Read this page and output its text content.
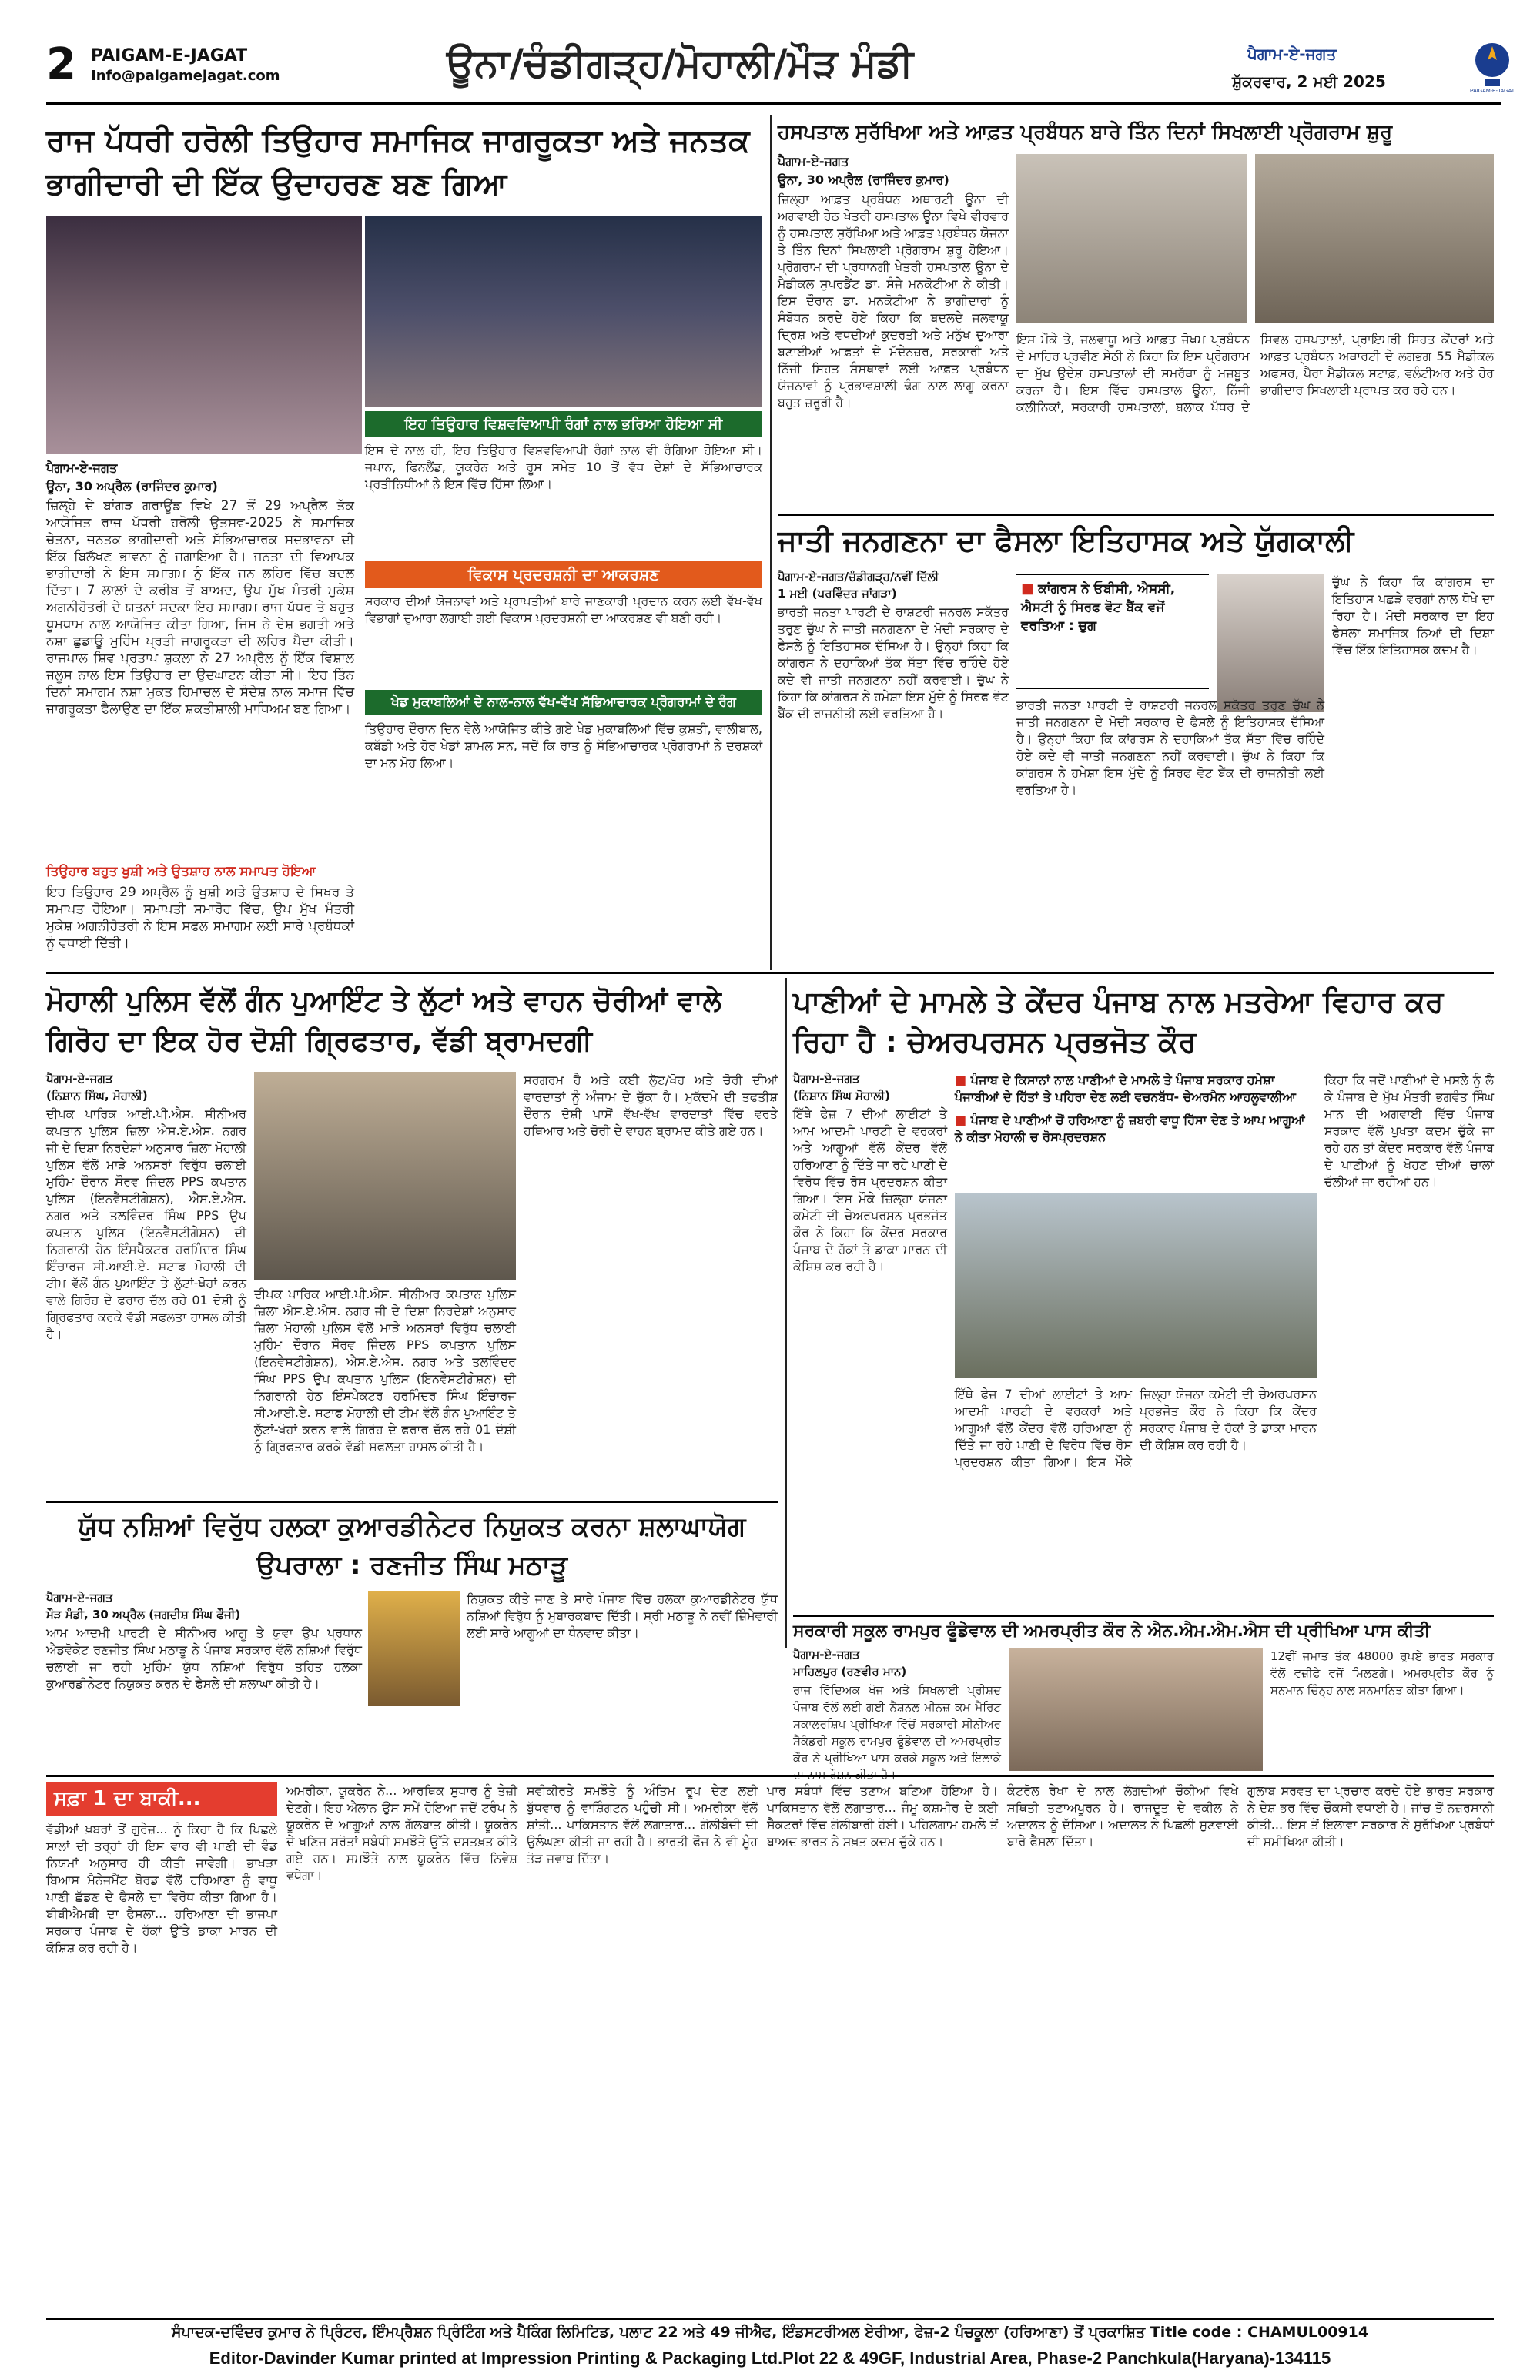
2 PAIGAM-E-JAGAT
Info@paigamejagat.com	ਊਨਾ/ਚੰਡੀਗੜ੍ਹ/ਮੋਹਾਲੀ/ਮੌੜ ਮੰਡੀ	ਸ਼ੁੱਕਰਵਾਰ, 2 ਮਈ 2025
ਪੈਗਾਮ-ਏ-ਜਗਤ
PAIGAM-E-JAGAT
ਰਾਜ ਪੱਧਰੀ ਹਰੋਲੀ ਤਿਉਹਾਰ ਸਮਾਜਿਕ ਜਾਗਰੂਕਤਾ ਅਤੇ ਜਨਤਕ ਭਾਗੀਦਾਰੀ ਦੀ ਇੱਕ ਉਦਾਹਰਣ ਬਣ ਗਿਆ
ਪੈਗਾਮ-ਏ-ਜਗਤ
ਊਨਾ, 30 ਅਪ੍ਰੈਲ (ਰਾਜਿੰਦਰ ਕੁਮਾਰ)
ਜ਼ਿਲ੍ਹੇ ਦੇ ਬਾਂਗੜ ਗਰਾਊਂਡ ਵਿਖੇ 27 ਤੋਂ 29 ਅਪ੍ਰੈਲ ਤੱਕ ਆਯੋਜਿਤ ਰਾਜ ਪੱਧਰੀ ਹਰੋਲੀ ਉਤਸਵ-2025 ਨੇ ਸਮਾਜਿਕ ਚੇਤਨਾ, ਜਨਤਕ ਭਾਗੀਦਾਰੀ ਅਤੇ ਸੱਭਿਆਚਾਰਕ ਸਦਭਾਵਨਾ ਦੀ ਇੱਕ ਬਿਲੱਖਣ ਭਾਵਨਾ ਨੂੰ ਜਗਾਇਆ ਹੈ। ਜਨਤਾ ਦੀ ਵਿਆਪਕ ਭਾਗੀਦਾਰੀ ਨੇ ਇਸ ਸਮਾਗਮ ਨੂੰ ਇੱਕ ਜਨ ਲਹਿਰ ਵਿੱਚ ਬਦਲ ਦਿੱਤਾ। 7 ਲਾਲਾਂ ਦੇ ਕਰੀਬ ਤੋਂ ਬਾਅਦ, ਉਪ ਮੁੱਖ ਮੰਤਰੀ ਮੁਕੇਸ਼ ਅਗਨੀਹੋਤਰੀ ਦੇ ਯਤਨਾਂ ਸਦਕਾ ਇਹ ਸਮਾਗਮ ਰਾਜ ਪੱਧਰ ਤੇ ਬਹੁਤ ਧੂਮਧਾਮ ਨਾਲ ਆਯੋਜਿਤ ਕੀਤਾ ਗਿਆ, ਜਿਸ ਨੇ ਦੇਸ਼ ਭਗਤੀ ਅਤੇ ਨਸ਼ਾ ਛੁਡਾਊ ਮੁਹਿੰਮ ਪ੍ਰਤੀ ਜਾਗਰੂਕਤਾ ਦੀ ਲਹਿਰ ਪੈਦਾ ਕੀਤੀ। ਰਾਜਪਾਲ ਸ਼ਿਵ ਪ੍ਰਤਾਪ ਸ਼ੁਕਲਾ ਨੇ 27 ਅਪ੍ਰੈਲ ਨੂੰ ਇੱਕ ਵਿਸ਼ਾਲ ਜਲੂਸ ਨਾਲ ਇਸ ਤਿਉਹਾਰ ਦਾ ਉਦਘਾਟਨ ਕੀਤਾ ਸੀ। ਇਹ ਤਿੰਨ ਦਿਨਾਂ ਸਮਾਗਮ ਨਸ਼ਾ ਮੁਕਤ ਹਿਮਾਚਲ ਦੇ ਸੰਦੇਸ਼ ਨਾਲ ਸਮਾਜ ਵਿੱਚ ਜਾਗਰੂਕਤਾ ਫੈਲਾਉਣ ਦਾ ਇੱਕ ਸ਼ਕਤੀਸ਼ਾਲੀ ਮਾਧਿਅਮ ਬਣ ਗਿਆ।
ਤਿਉਹਾਰ ਬਹੁਤ ਖੁਸ਼ੀ ਅਤੇ ਉਤਸ਼ਾਹ ਨਾਲ ਸਮਾਪਤ ਹੋਇਆ
ਇਹ ਤਿਉਹਾਰ 29 ਅਪ੍ਰੈਲ ਨੂੰ ਖੁਸ਼ੀ ਅਤੇ ਉਤਸ਼ਾਹ ਦੇ ਸਿਖਰ ਤੇ ਸਮਾਪਤ ਹੋਇਆ। ਸਮਾਪਤੀ ਸਮਾਰੋਹ ਵਿੱਚ, ਉਪ ਮੁੱਖ ਮੰਤਰੀ ਮੁਕੇਸ਼ ਅਗਨੀਹੋਤਰੀ ਨੇ ਇਸ ਸਫਲ ਸਮਾਗਮ ਲਈ ਸਾਰੇ ਪ੍ਰਬੰਧਕਾਂ ਨੂੰ ਵਧਾਈ ਦਿੱਤੀ।
ਇਹ ਤਿਉਹਾਰ ਵਿਸ਼ਵਵਿਆਪੀ ਰੰਗਾਂ ਨਾਲ ਭਰਿਆ ਹੋਇਆ ਸੀ
ਇਸ ਦੇ ਨਾਲ ਹੀ, ਇਹ ਤਿਉਹਾਰ ਵਿਸ਼ਵਵਿਆਪੀ ਰੰਗਾਂ ਨਾਲ ਵੀ ਰੰਗਿਆ ਹੋਇਆ ਸੀ। ਜਪਾਨ, ਫਿਨਲੈਂਡ, ਯੂਕਰੇਨ ਅਤੇ ਰੂਸ ਸਮੇਤ 10 ਤੋਂ ਵੱਧ ਦੇਸ਼ਾਂ ਦੇ ਸੱਭਿਆਚਾਰਕ ਪ੍ਰਤੀਨਿਧੀਆਂ ਨੇ ਇਸ ਵਿੱਚ ਹਿੱਸਾ ਲਿਆ।
ਵਿਕਾਸ ਪ੍ਰਦਰਸ਼ਨੀ ਦਾ ਆਕਰਸ਼ਣ
ਸਰਕਾਰ ਦੀਆਂ ਯੋਜਨਾਵਾਂ ਅਤੇ ਪ੍ਰਾਪਤੀਆਂ ਬਾਰੇ ਜਾਣਕਾਰੀ ਪ੍ਰਦਾਨ ਕਰਨ ਲਈ ਵੱਖ-ਵੱਖ ਵਿਭਾਗਾਂ ਦੁਆਰਾ ਲਗਾਈ ਗਈ ਵਿਕਾਸ ਪ੍ਰਦਰਸ਼ਨੀ ਦਾ ਆਕਰਸ਼ਣ ਵੀ ਬਣੀ ਰਹੀ।
ਖੇਡ ਮੁਕਾਬਲਿਆਂ ਦੇ ਨਾਲ-ਨਾਲ ਵੱਖ-ਵੱਖ ਸੱਭਿਆਚਾਰਕ ਪ੍ਰੋਗਰਾਮਾਂ ਦੇ ਰੰਗ
ਤਿਉਹਾਰ ਦੌਰਾਨ ਦਿਨ ਵੇਲੇ ਆਯੋਜਿਤ ਕੀਤੇ ਗਏ ਖੇਡ ਮੁਕਾਬਲਿਆਂ ਵਿੱਚ ਕੁਸ਼ਤੀ, ਵਾਲੀਬਾਲ, ਕਬੱਡੀ ਅਤੇ ਹੋਰ ਖੇਡਾਂ ਸ਼ਾਮਲ ਸਨ, ਜਦੋਂ ਕਿ ਰਾਤ ਨੂੰ ਸੱਭਿਆਚਾਰਕ ਪ੍ਰੋਗਰਾਮਾਂ ਨੇ ਦਰਸ਼ਕਾਂ ਦਾ ਮਨ ਮੋਹ ਲਿਆ।
ਹਸਪਤਾਲ ਸੁਰੱਖਿਆ ਅਤੇ ਆਫ਼ਤ ਪ੍ਰਬੰਧਨ ਬਾਰੇ ਤਿੰਨ ਦਿਨਾਂ ਸਿਖਲਾਈ ਪ੍ਰੋਗਰਾਮ ਸ਼ੁਰੂ
ਪੈਗਾਮ-ਏ-ਜਗਤ
ਊਨਾ, 30 ਅਪ੍ਰੈਲ (ਰਾਜਿੰਦਰ ਕੁਮਾਰ)
ਜ਼ਿਲ੍ਹਾ ਆਫ਼ਤ ਪ੍ਰਬੰਧਨ ਅਥਾਰਟੀ ਊਨਾ ਦੀ ਅਗਵਾਈ ਹੇਠ ਖੇਤਰੀ ਹਸਪਤਾਲ ਊਨਾ ਵਿਖੇ ਵੀਰਵਾਰ ਨੂੰ ਹਸਪਤਾਲ ਸੁਰੱਖਿਆ ਅਤੇ ਆਫ਼ਤ ਪ੍ਰਬੰਧਨ ਯੋਜਨਾ ਤੇ ਤਿੰਨ ਦਿਨਾਂ ਸਿਖਲਾਈ ਪ੍ਰੋਗਰਾਮ ਸ਼ੁਰੂ ਹੋਇਆ। ਪ੍ਰੋਗਰਾਮ ਦੀ ਪ੍ਰਧਾਨਗੀ ਖੇਤਰੀ ਹਸਪਤਾਲ ਊਨਾ ਦੇ ਮੈਡੀਕਲ ਸੁਪਰਡੈਂਟ ਡਾ. ਸੰਜੇ ਮਨਕੋਟੀਆ ਨੇ ਕੀਤੀ। ਇਸ ਦੌਰਾਨ ਡਾ. ਮਨਕੋਟੀਆ ਨੇ ਭਾਗੀਦਾਰਾਂ ਨੂੰ ਸੰਬੋਧਨ ਕਰਦੇ ਹੋਏ ਕਿਹਾ ਕਿ ਬਦਲਦੇ ਜਲਵਾਯੂ ਦ੍ਰਿਸ਼ ਅਤੇ ਵਧਦੀਆਂ ਕੁਦਰਤੀ ਅਤੇ ਮਨੁੱਖ ਦੁਆਰਾ ਬਣਾਈਆਂ ਆਫ਼ਤਾਂ ਦੇ ਮੱਦੇਨਜ਼ਰ, ਸਰਕਾਰੀ ਅਤੇ ਨਿੱਜੀ ਸਿਹਤ ਸੰਸਥਾਵਾਂ ਲਈ ਆਫ਼ਤ ਪ੍ਰਬੰਧਨ ਯੋਜਨਾਵਾਂ ਨੂੰ ਪ੍ਰਭਾਵਸ਼ਾਲੀ ਢੰਗ ਨਾਲ ਲਾਗੂ ਕਰਨਾ ਬਹੁਤ ਜ਼ਰੂਰੀ ਹੈ।
ਇਸ ਮੌਕੇ ਤੇ, ਜਲਵਾਯੂ ਅਤੇ ਆਫ਼ਤ ਜੋਖਮ ਪ੍ਰਬੰਧਨ ਦੇ ਮਾਹਿਰ ਪ੍ਰਵੀਣ ਸੇਠੀ ਨੇ ਕਿਹਾ ਕਿ ਇਸ ਪ੍ਰੋਗਰਾਮ ਦਾ ਮੁੱਖ ਉਦੇਸ਼ ਹਸਪਤਾਲਾਂ ਦੀ ਸਮਰੱਥਾ ਨੂੰ ਮਜ਼ਬੂਤ ਕਰਨਾ ਹੈ। ਇਸ ਵਿੱਚ ਹਸਪਤਾਲ ਊਨਾ, ਨਿੱਜੀ ਕਲੀਨਿਕਾਂ, ਸਰਕਾਰੀ ਹਸਪਤਾਲਾਂ, ਬਲਾਕ ਪੱਧਰ ਦੇ ਸਿਵਲ ਹਸਪਤਾਲਾਂ, ਪ੍ਰਾਇਮਰੀ ਸਿਹਤ ਕੇਂਦਰਾਂ ਅਤੇ ਆਫ਼ਤ ਪ੍ਰਬੰਧਨ ਅਥਾਰਟੀ ਦੇ ਲਗਭਗ 55 ਮੈਡੀਕਲ ਅਫਸਰ, ਪੈਰਾ ਮੈਡੀਕਲ ਸਟਾਫ਼, ਵਲੰਟੀਅਰ ਅਤੇ ਹੋਰ ਭਾਗੀਦਾਰ ਸਿਖਲਾਈ ਪ੍ਰਾਪਤ ਕਰ ਰਹੇ ਹਨ।
ਜਾਤੀ ਜਨਗਣਨਾ ਦਾ ਫੈਸਲਾ ਇਤਿਹਾਸਕ ਅਤੇ ਯੁੱਗਕਾਲੀ
ਪੈਗਾਮ-ਏ-ਜਗਤ/ਚੰਡੀਗੜ੍ਹ/ਨਵੀਂ ਦਿੱਲੀ
1 ਮਈ (ਪਰਵਿੰਦਰ ਜਾਂਗੜਾ)
ਭਾਰਤੀ ਜਨਤਾ ਪਾਰਟੀ ਦੇ ਰਾਸ਼ਟਰੀ ਜਨਰਲ ਸਕੱਤਰ ਤਰੁਣ ਚੁੱਘ ਨੇ ਜਾਤੀ ਜਨਗਣਨਾ ਦੇ ਮੋਦੀ ਸਰਕਾਰ ਦੇ ਫੈਸਲੇ ਨੂੰ ਇਤਿਹਾਸਕ ਦੱਸਿਆ ਹੈ। ਉਨ੍ਹਾਂ ਕਿਹਾ ਕਿ ਕਾਂਗਰਸ ਨੇ ਦਹਾਕਿਆਂ ਤੱਕ ਸੱਤਾ ਵਿੱਚ ਰਹਿੰਦੇ ਹੋਏ ਕਦੇ ਵੀ ਜਾਤੀ ਜਨਗਣਨਾ ਨਹੀਂ ਕਰਵਾਈ। ਚੁੱਘ ਨੇ ਕਿਹਾ ਕਿ ਕਾਂਗਰਸ ਨੇ ਹਮੇਸ਼ਾ ਇਸ ਮੁੱਦੇ ਨੂੰ ਸਿਰਫ ਵੋਟ ਬੈਂਕ ਦੀ ਰਾਜਨੀਤੀ ਲਈ ਵਰਤਿਆ ਹੈ।
■ ਕਾਂਗਰਸ ਨੇ ਓਬੀਸੀ, ਐਸਸੀ, ਐਸਟੀ ਨੂੰ ਸਿਰਫ ਵੋਟ ਬੈਂਕ ਵਜੋਂ ਵਰਤਿਆ : ਚੁਗ
ਚੁੱਘ ਨੇ ਕਿਹਾ ਕਿ ਕਾਂਗਰਸ ਦਾ ਇਤਿਹਾਸ ਪਛੜੇ ਵਰਗਾਂ ਨਾਲ ਧੋਖੇ ਦਾ ਰਿਹਾ ਹੈ। ਮੋਦੀ ਸਰਕਾਰ ਦਾ ਇਹ ਫੈਸਲਾ ਸਮਾਜਿਕ ਨਿਆਂ ਦੀ ਦਿਸ਼ਾ ਵਿੱਚ ਇੱਕ ਇਤਿਹਾਸਕ ਕਦਮ ਹੈ।
ਭਾਰਤੀ ਜਨਤਾ ਪਾਰਟੀ ਦੇ ਰਾਸ਼ਟਰੀ ਜਨਰਲ ਸਕੱਤਰ ਤਰੁਣ ਚੁੱਘ ਨੇ ਜਾਤੀ ਜਨਗਣਨਾ ਦੇ ਮੋਦੀ ਸਰਕਾਰ ਦੇ ਫੈਸਲੇ ਨੂੰ ਇਤਿਹਾਸਕ ਦੱਸਿਆ ਹੈ। ਉਨ੍ਹਾਂ ਕਿਹਾ ਕਿ ਕਾਂਗਰਸ ਨੇ ਦਹਾਕਿਆਂ ਤੱਕ ਸੱਤਾ ਵਿੱਚ ਰਹਿੰਦੇ ਹੋਏ ਕਦੇ ਵੀ ਜਾਤੀ ਜਨਗਣਨਾ ਨਹੀਂ ਕਰਵਾਈ। ਚੁੱਘ ਨੇ ਕਿਹਾ ਕਿ ਕਾਂਗਰਸ ਨੇ ਹਮੇਸ਼ਾ ਇਸ ਮੁੱਦੇ ਨੂੰ ਸਿਰਫ ਵੋਟ ਬੈਂਕ ਦੀ ਰਾਜਨੀਤੀ ਲਈ ਵਰਤਿਆ ਹੈ।
ਮੋਹਾਲੀ ਪੁਲਿਸ ਵੱਲੋਂ ਗੰਨ ਪੁਆਇੰਟ ਤੇ ਲੁੱਟਾਂ ਅਤੇ ਵਾਹਨ ਚੋਰੀਆਂ ਵਾਲੇ ਗਿਰੋਹ ਦਾ ਇਕ ਹੋਰ ਦੋਸ਼ੀ ਗ੍ਰਿਫਤਾਰ, ਵੱਡੀ ਬ੍ਰਾਮਦਗੀ
ਪੈਗਾਮ-ਏ-ਜਗਤ
(ਨਿਸ਼ਾਨ ਸਿੰਘ, ਮੋਹਾਲੀ)
ਦੀਪਕ ਪਾਰਿਕ ਆਈ.ਪੀ.ਐਸ. ਸੀਨੀਅਰ ਕਪਤਾਨ ਪੁਲਿਸ ਜ਼ਿਲਾ ਐਸ.ਏ.ਐਸ. ਨਗਰ ਜੀ ਦੇ ਦਿਸ਼ਾ ਨਿਰਦੇਸ਼ਾਂ ਅਨੁਸਾਰ ਜ਼ਿਲਾ ਮੋਹਾਲੀ ਪੁਲਿਸ ਵੱਲੋਂ ਮਾੜੇ ਅਨਸਰਾਂ ਵਿਰੁੱਧ ਚਲਾਈ ਮੁਹਿੰਮ ਦੌਰਾਨ ਸੌਰਵ ਜਿੰਦਲ PPS ਕਪਤਾਨ ਪੁਲਿਸ (ਇਨਵੈਸਟੀਗੇਸ਼ਨ), ਐਸ.ਏ.ਐਸ. ਨਗਰ ਅਤੇ ਤਲਵਿੰਦਰ ਸਿੰਘ PPS ਉਪ ਕਪਤਾਨ ਪੁਲਿਸ (ਇਨਵੈਸਟੀਗੇਸ਼ਨ) ਦੀ ਨਿਗਰਾਨੀ ਹੇਠ ਇੰਸਪੈਕਟਰ ਹਰਮਿੰਦਰ ਸਿੰਘ ਇੰਚਾਰਜ ਸੀ.ਆਈ.ਏ. ਸਟਾਫ ਮੋਹਾਲੀ ਦੀ ਟੀਮ ਵੱਲੋਂ ਗੰਨ ਪੁਆਇੰਟ ਤੇ ਲੁੱਟਾਂ-ਖੋਹਾਂ ਕਰਨ ਵਾਲੇ ਗਿਰੋਹ ਦੇ ਫਰਾਰ ਚੱਲ ਰਹੇ 01 ਦੋਸ਼ੀ ਨੂੰ ਗ੍ਰਿਫਤਾਰ ਕਰਕੇ ਵੱਡੀ ਸਫਲਤਾ ਹਾਸਲ ਕੀਤੀ ਹੈ।
ਸਰਗਰਮ ਹੈ ਅਤੇ ਕਈ ਲੁੱਟ/ਖੋਹ ਅਤੇ ਚੋਰੀ ਦੀਆਂ ਵਾਰਦਾਤਾਂ ਨੂੰ ਅੰਜਾਮ ਦੇ ਚੁੱਕਾ ਹੈ। ਮੁਕੱਦਮੇ ਦੀ ਤਫਤੀਸ਼ ਦੌਰਾਨ ਦੋਸ਼ੀ ਪਾਸੋਂ ਵੱਖ-ਵੱਖ ਵਾਰਦਾਤਾਂ ਵਿੱਚ ਵਰਤੇ ਹਥਿਆਰ ਅਤੇ ਚੋਰੀ ਦੇ ਵਾਹਨ ਬ੍ਰਾਮਦ ਕੀਤੇ ਗਏ ਹਨ।
ਦੀਪਕ ਪਾਰਿਕ ਆਈ.ਪੀ.ਐਸ. ਸੀਨੀਅਰ ਕਪਤਾਨ ਪੁਲਿਸ ਜ਼ਿਲਾ ਐਸ.ਏ.ਐਸ. ਨਗਰ ਜੀ ਦੇ ਦਿਸ਼ਾ ਨਿਰਦੇਸ਼ਾਂ ਅਨੁਸਾਰ ਜ਼ਿਲਾ ਮੋਹਾਲੀ ਪੁਲਿਸ ਵੱਲੋਂ ਮਾੜੇ ਅਨਸਰਾਂ ਵਿਰੁੱਧ ਚਲਾਈ ਮੁਹਿੰਮ ਦੌਰਾਨ ਸੌਰਵ ਜਿੰਦਲ PPS ਕਪਤਾਨ ਪੁਲਿਸ (ਇਨਵੈਸਟੀਗੇਸ਼ਨ), ਐਸ.ਏ.ਐਸ. ਨਗਰ ਅਤੇ ਤਲਵਿੰਦਰ ਸਿੰਘ PPS ਉਪ ਕਪਤਾਨ ਪੁਲਿਸ (ਇਨਵੈਸਟੀਗੇਸ਼ਨ) ਦੀ ਨਿਗਰਾਨੀ ਹੇਠ ਇੰਸਪੈਕਟਰ ਹਰਮਿੰਦਰ ਸਿੰਘ ਇੰਚਾਰਜ ਸੀ.ਆਈ.ਏ. ਸਟਾਫ ਮੋਹਾਲੀ ਦੀ ਟੀਮ ਵੱਲੋਂ ਗੰਨ ਪੁਆਇੰਟ ਤੇ ਲੁੱਟਾਂ-ਖੋਹਾਂ ਕਰਨ ਵਾਲੇ ਗਿਰੋਹ ਦੇ ਫਰਾਰ ਚੱਲ ਰਹੇ 01 ਦੋਸ਼ੀ ਨੂੰ ਗ੍ਰਿਫਤਾਰ ਕਰਕੇ ਵੱਡੀ ਸਫਲਤਾ ਹਾਸਲ ਕੀਤੀ ਹੈ।
ਪਾਣੀਆਂ ਦੇ ਮਾਮਲੇ ਤੇ ਕੇਂਦਰ ਪੰਜਾਬ ਨਾਲ ਮਤਰੇਆ ਵਿਹਾਰ ਕਰ ਰਿਹਾ ਹੈ : ਚੇਅਰਪਰਸਨ ਪ੍ਰਭਜੋਤ ਕੌਰ
ਪੈਗਾਮ-ਏ-ਜਗਤ
(ਨਿਸ਼ਾਨ ਸਿੰਘ ਮੋਹਾਲੀ)
ਇੱਥੇ ਫੇਜ਼ 7 ਦੀਆਂ ਲਾਈਟਾਂ ਤੇ ਆਮ ਆਦਮੀ ਪਾਰਟੀ ਦੇ ਵਰਕਰਾਂ ਅਤੇ ਆਗੂਆਂ ਵੱਲੋਂ ਕੇਂਦਰ ਵੱਲੋਂ ਹਰਿਆਣਾ ਨੂੰ ਦਿੱਤੇ ਜਾ ਰਹੇ ਪਾਣੀ ਦੇ ਵਿਰੋਧ ਵਿੱਚ ਰੋਸ ਪ੍ਰਦਰਸ਼ਨ ਕੀਤਾ ਗਿਆ। ਇਸ ਮੌਕੇ ਜ਼ਿਲ੍ਹਾ ਯੋਜਨਾ ਕਮੇਟੀ ਦੀ ਚੇਅਰਪਰਸਨ ਪ੍ਰਭਜੋਤ ਕੌਰ ਨੇ ਕਿਹਾ ਕਿ ਕੇਂਦਰ ਸਰਕਾਰ ਪੰਜਾਬ ਦੇ ਹੱਕਾਂ ਤੇ ਡਾਕਾ ਮਾਰਨ ਦੀ ਕੋਸ਼ਿਸ਼ ਕਰ ਰਹੀ ਹੈ।
■ ਪੰਜਾਬ ਦੇ ਕਿਸਾਨਾਂ ਨਾਲ ਪਾਣੀਆਂ ਦੇ ਮਾਮਲੇ ਤੇ ਪੰਜਾਬ ਸਰਕਾਰ ਹਮੇਸ਼ਾ ਪੰਜਾਬੀਆਂ ਦੇ ਹਿੱਤਾਂ ਤੇ ਪਹਿਰਾ ਦੇਣ ਲਈ ਵਚਨਬੱਧ- ਚੇਅਰਮੈਨ ਆਹਲੂਵਾਲੀਆ
■ ਪੰਜਾਬ ਦੇ ਪਾਣੀਆਂ ਚੋਂ ਹਰਿਆਣਾ ਨੂੰ ਜ਼ਬਰੀ ਵਾਧੂ ਹਿੱਸਾ ਦੇਣ ਤੇ ਆਪ ਆਗੂਆਂ ਨੇ ਕੀਤਾ ਮੋਹਾਲੀ ਚ ਰੋਸਪ੍ਰਦਰਸ਼ਨ
ਕਿਹਾ ਕਿ ਜਦੋਂ ਪਾਣੀਆਂ ਦੇ ਮਸਲੇ ਨੂੰ ਲੈ ਕੇ ਪੰਜਾਬ ਦੇ ਮੁੱਖ ਮੰਤਰੀ ਭਗਵੰਤ ਸਿੰਘ ਮਾਨ ਦੀ ਅਗਵਾਈ ਵਿੱਚ ਪੰਜਾਬ ਸਰਕਾਰ ਵੱਲੋਂ ਪੁਖਤਾ ਕਦਮ ਚੁੱਕੇ ਜਾ ਰਹੇ ਹਨ ਤਾਂ ਕੇਂਦਰ ਸਰਕਾਰ ਵੱਲੋਂ ਪੰਜਾਬ ਦੇ ਪਾਣੀਆਂ ਨੂੰ ਖੋਹਣ ਦੀਆਂ ਚਾਲਾਂ ਚੱਲੀਆਂ ਜਾ ਰਹੀਆਂ ਹਨ।
ਇੱਥੇ ਫੇਜ਼ 7 ਦੀਆਂ ਲਾਈਟਾਂ ਤੇ ਆਮ ਆਦਮੀ ਪਾਰਟੀ ਦੇ ਵਰਕਰਾਂ ਅਤੇ ਆਗੂਆਂ ਵੱਲੋਂ ਕੇਂਦਰ ਵੱਲੋਂ ਹਰਿਆਣਾ ਨੂੰ ਦਿੱਤੇ ਜਾ ਰਹੇ ਪਾਣੀ ਦੇ ਵਿਰੋਧ ਵਿੱਚ ਰੋਸ ਪ੍ਰਦਰਸ਼ਨ ਕੀਤਾ ਗਿਆ। ਇਸ ਮੌਕੇ ਜ਼ਿਲ੍ਹਾ ਯੋਜਨਾ ਕਮੇਟੀ ਦੀ ਚੇਅਰਪਰਸਨ ਪ੍ਰਭਜੋਤ ਕੌਰ ਨੇ ਕਿਹਾ ਕਿ ਕੇਂਦਰ ਸਰਕਾਰ ਪੰਜਾਬ ਦੇ ਹੱਕਾਂ ਤੇ ਡਾਕਾ ਮਾਰਨ ਦੀ ਕੋਸ਼ਿਸ਼ ਕਰ ਰਹੀ ਹੈ।
ਯੁੱਧ ਨਸ਼ਿਆਂ ਵਿਰੁੱਧ ਹਲਕਾ ਕੁਆਰਡੀਨੇਟਰ ਨਿਯੁਕਤ ਕਰਨਾ ਸ਼ਲਾਘਾਯੋਗ ਉਪਰਾਲਾ : ਰਣਜੀਤ ਸਿੰਘ ਮਠਾੜੂ
ਪੈਗਾਮ-ਏ-ਜਗਤ
ਮੌੜ ਮੰਡੀ, 30 ਅਪ੍ਰੈਲ (ਜਗਦੀਸ਼ ਸਿੰਘ ਫੌਜੀ)
ਆਮ ਆਦਮੀ ਪਾਰਟੀ ਦੇ ਸੀਨੀਅਰ ਆਗੂ ਤੇ ਯੁਵਾ ਉਪ ਪ੍ਰਧਾਨ ਐਡਵੋਕੇਟ ਰਣਜੀਤ ਸਿੰਘ ਮਠਾੜੂ ਨੇ ਪੰਜਾਬ ਸਰਕਾਰ ਵੱਲੋਂ ਨਸ਼ਿਆਂ ਵਿਰੁੱਧ ਚਲਾਈ ਜਾ ਰਹੀ ਮੁਹਿੰਮ ਯੁੱਧ ਨਸ਼ਿਆਂ ਵਿਰੁੱਧ ਤਹਿਤ ਹਲਕਾ ਕੁਆਰਡੀਨੇਟਰ ਨਿਯੁਕਤ ਕਰਨ ਦੇ ਫੈਸਲੇ ਦੀ ਸ਼ਲਾਘਾ ਕੀਤੀ ਹੈ।
ਨਿਯੁਕਤ ਕੀਤੇ ਜਾਣ ਤੇ ਸਾਰੇ ਪੰਜਾਬ ਵਿੱਚ ਹਲਕਾ ਕੁਆਰਡੀਨੇਟਰ ਯੁੱਧ ਨਸ਼ਿਆਂ ਵਿਰੁੱਧ ਨੂੰ ਮੁਬਾਰਕਬਾਦ ਦਿੱਤੀ। ਸ੍ਰੀ ਮਠਾੜੂ ਨੇ ਨਵੀਂ ਜ਼ਿੰਮੇਵਾਰੀ ਲਈ ਸਾਰੇ ਆਗੂਆਂ ਦਾ ਧੰਨਵਾਦ ਕੀਤਾ।	ਸਰਕਾਰੀ ਸਕੂਲ ਰਾਮਪੁਰ ਫੂੰਡੇਵਾਲ ਦੀ ਅਮਰਪ੍ਰੀਤ ਕੌਰ ਨੇ ਐਨ.ਐਮ.ਐਮ.ਐਸ ਦੀ ਪ੍ਰੀਖਿਆ ਪਾਸ ਕੀਤੀ
ਪੈਗਾਮ-ਏ-ਜਗਤ
ਮਾਹਿਲਪੁਰ (ਰਣਵੀਰ ਮਾਨ)
ਰਾਜ ਵਿੱਦਿਅਕ ਖੋਜ ਅਤੇ ਸਿਖਲਾਈ ਪ੍ਰੀਸ਼ਦ ਪੰਜਾਬ ਵੱਲੋਂ ਲਈ ਗਈ ਨੈਸ਼ਨਲ ਮੀਨਜ਼ ਕਮ ਮੈਰਿਟ ਸਕਾਲਰਸ਼ਿਪ ਪ੍ਰੀਖਿਆ ਵਿੱਚੋਂ ਸਰਕਾਰੀ ਸੀਨੀਅਰ ਸੈਕੰਡਰੀ ਸਕੂਲ ਰਾਮਪੁਰ ਫੂੰਡੇਵਾਲ ਦੀ ਅਮਰਪ੍ਰੀਤ ਕੌਰ ਨੇ ਪ੍ਰੀਖਿਆ ਪਾਸ ਕਰਕੇ ਸਕੂਲ ਅਤੇ ਇਲਾਕੇ
12ਵੀਂ ਜਮਾਤ ਤੱਕ 48000 ਰੁਪਏ ਭਾਰਤ ਸਰਕਾਰ ਵੱਲੋਂ ਵਜ਼ੀਫੇ ਵਜੋਂ ਮਿਲਣਗੇ। ਅਮਰਪ੍ਰੀਤ ਕੌਰ ਨੂੰ ਸਨਮਾਨ ਚਿੰਨ੍ਹ ਨਾਲ ਸਨਮਾਨਿਤ ਕੀਤਾ ਗਿਆ।
ਸਫ਼ਾ 1 ਦਾ ਬਾਕੀ...
ਵੱਡੀਆਂ ਖ਼ਬਰਾਂ ਤੋਂ ਗੁਰੇਜ਼... ਨੂੰ ਕਿਹਾ ਹੈ ਕਿ ਪਿਛਲੇ ਸਾਲਾਂ ਦੀ ਤਰ੍ਹਾਂ ਹੀ ਇਸ ਵਾਰ ਵੀ ਪਾਣੀ ਦੀ ਵੰਡ ਨਿਯਮਾਂ ਅਨੁਸਾਰ ਹੀ ਕੀਤੀ ਜਾਵੇਗੀ। ਭਾਖੜਾ ਬਿਆਸ ਮੈਨੇਜਮੈਂਟ ਬੋਰਡ ਵੱਲੋਂ ਹਰਿਆਣਾ ਨੂੰ ਵਾਧੂ ਪਾਣੀ ਛੱਡਣ ਦੇ ਫੈਸਲੇ ਦਾ ਵਿਰੋਧ ਕੀਤਾ ਗਿਆ ਹੈ। ਬੀਬੀਐਮਬੀ ਦਾ ਫੈਸਲਾ... ਹਰਿਆਣਾ ਦੀ ਭਾਜਪਾ ਸਰਕਾਰ ਪੰਜਾਬ ਦੇ ਹੱਕਾਂ ਉੱਤੇ ਡਾਕਾ ਮਾਰਨ ਦੀ ਕੋਸ਼ਿਸ਼ ਕਰ ਰਹੀ ਹੈ।
ਅਮਰੀਕਾ, ਯੂਕਰੇਨ ਨੇ... ਆਰਥਿਕ ਸੁਧਾਰ ਨੂੰ ਤੇਜ਼ੀ ਦੇਣਗੇ। ਇਹ ਐਲਾਨ ਉਸ ਸਮੇਂ ਹੋਇਆ ਜਦੋਂ ਟਰੰਪ ਨੇ ਯੂਕਰੇਨ ਦੇ ਆਗੂਆਂ ਨਾਲ ਗੱਲਬਾਤ ਕੀਤੀ। ਯੂਕਰੇਨ ਦੇ ਖਣਿਜ ਸਰੋਤਾਂ ਸਬੰਧੀ ਸਮਝੌਤੇ ਉੱਤੇ ਦਸਤਖ਼ਤ ਕੀਤੇ ਗਏ ਹਨ। ਸਮਝੌਤੇ ਨਾਲ ਯੂਕਰੇਨ ਵਿੱਚ ਨਿਵੇਸ਼ ਵਧੇਗਾ।
ਸਵੀਕੀਰਤੇ ਸਮਝੌਤੇ ਨੂੰ ਅੰਤਿਮ ਰੂਪ ਦੇਣ ਲਈ ਬੁੱਧਵਾਰ ਨੂੰ ਵਾਸ਼ਿੰਗਟਨ ਪਹੁੰਚੀ ਸੀ। ਅਮਰੀਕਾ ਵੱਲੋਂ ਸ਼ਾਂਤੀ... ਪਾਕਿਸਤਾਨ ਵੱਲੋਂ ਲਗਾਤਾਰ... ਗੋਲੀਬੰਦੀ ਦੀ ਉਲੰਘਣਾ ਕੀਤੀ ਜਾ ਰਹੀ ਹੈ। ਭਾਰਤੀ ਫੌਜ ਨੇ ਵੀ ਮੂੰਹ ਤੋੜ ਜਵਾਬ ਦਿੱਤਾ।
ਪਾਰ ਸਬੰਧਾਂ ਵਿੱਚ ਤਣਾਅ ਬਣਿਆ ਹੋਇਆ ਹੈ। ਪਾਕਿਸਤਾਨ ਵੱਲੋਂ ਲਗਾਤਾਰ... ਜੰਮੂ ਕਸ਼ਮੀਰ ਦੇ ਕਈ ਸੈਕਟਰਾਂ ਵਿੱਚ ਗੋਲੀਬਾਰੀ ਹੋਈ। ਪਹਿਲਗਾਮ ਹਮਲੇ ਤੋਂ ਬਾਅਦ ਭਾਰਤ ਨੇ ਸਖ਼ਤ ਕਦਮ ਚੁੱਕੇ ਹਨ।
ਕੰਟਰੋਲ ਰੇਖਾ ਦੇ ਨਾਲ ਲੱਗਦੀਆਂ ਚੌਕੀਆਂ ਵਿਖੇ ਸਥਿਤੀ ਤਣਾਅਪੂਰਨ ਹੈ। ਰਾਜਦੂਤ ਦੇ ਵਕੀਲ ਨੇ ਅਦਾਲਤ ਨੂੰ ਦੱਸਿਆ। ਅਦਾਲਤ ਨੇ ਪਿਛਲੀ ਸੁਣਵਾਈ ਬਾਰੇ ਫੈਸਲਾ ਦਿੱਤਾ।
ਗੁਲਾਬ ਸਰਵਤ ਦਾ ਪ੍ਰਚਾਰ ਕਰਦੇ ਹੋਏ ਭਾਰਤ ਸਰਕਾਰ ਨੇ ਦੇਸ਼ ਭਰ ਵਿੱਚ ਚੌਕਸੀ ਵਧਾਈ ਹੈ। ਜਾਂਚ ਤੋਂ ਨਜ਼ਰਸਾਨੀ ਕੀਤੀ... ਇਸ ਤੋਂ ਇਲਾਵਾ ਸਰਕਾਰ ਨੇ ਸੁਰੱਖਿਆ ਪ੍ਰਬੰਧਾਂ ਦੀ ਸਮੀਖਿਆ ਕੀਤੀ।
ਸੰਪਾਦਕ-ਦਵਿੰਦਰ ਕੁਮਾਰ ਨੇ ਪ੍ਰਿੰਟਰ, ਇੰਮਪ੍ਰੈਸ਼ਨ ਪ੍ਰਿੰਟਿੰਗ ਅਤੇ ਪੈਕਿੰਗ ਲਿਮਿਟਿਡ, ਪਲਾਟ 22 ਅਤੇ 49 ਜੀਐਫ, ਇੰਡਸਟਰੀਅਲ ਏਰੀਆ, ਫੇਜ਼-2 ਪੰਚਕੂਲਾ (ਹਰਿਆਣਾ) ਤੋਂ ਪ੍ਰਕਾਸ਼ਿਤ Title code : CHAMUL00914
Editor-Davinder Kumar printed at Impression Printing & Packaging Ltd.Plot 22 & 49GF, Industrial Area, Phase-2 Panchkula(Haryana)-134115
